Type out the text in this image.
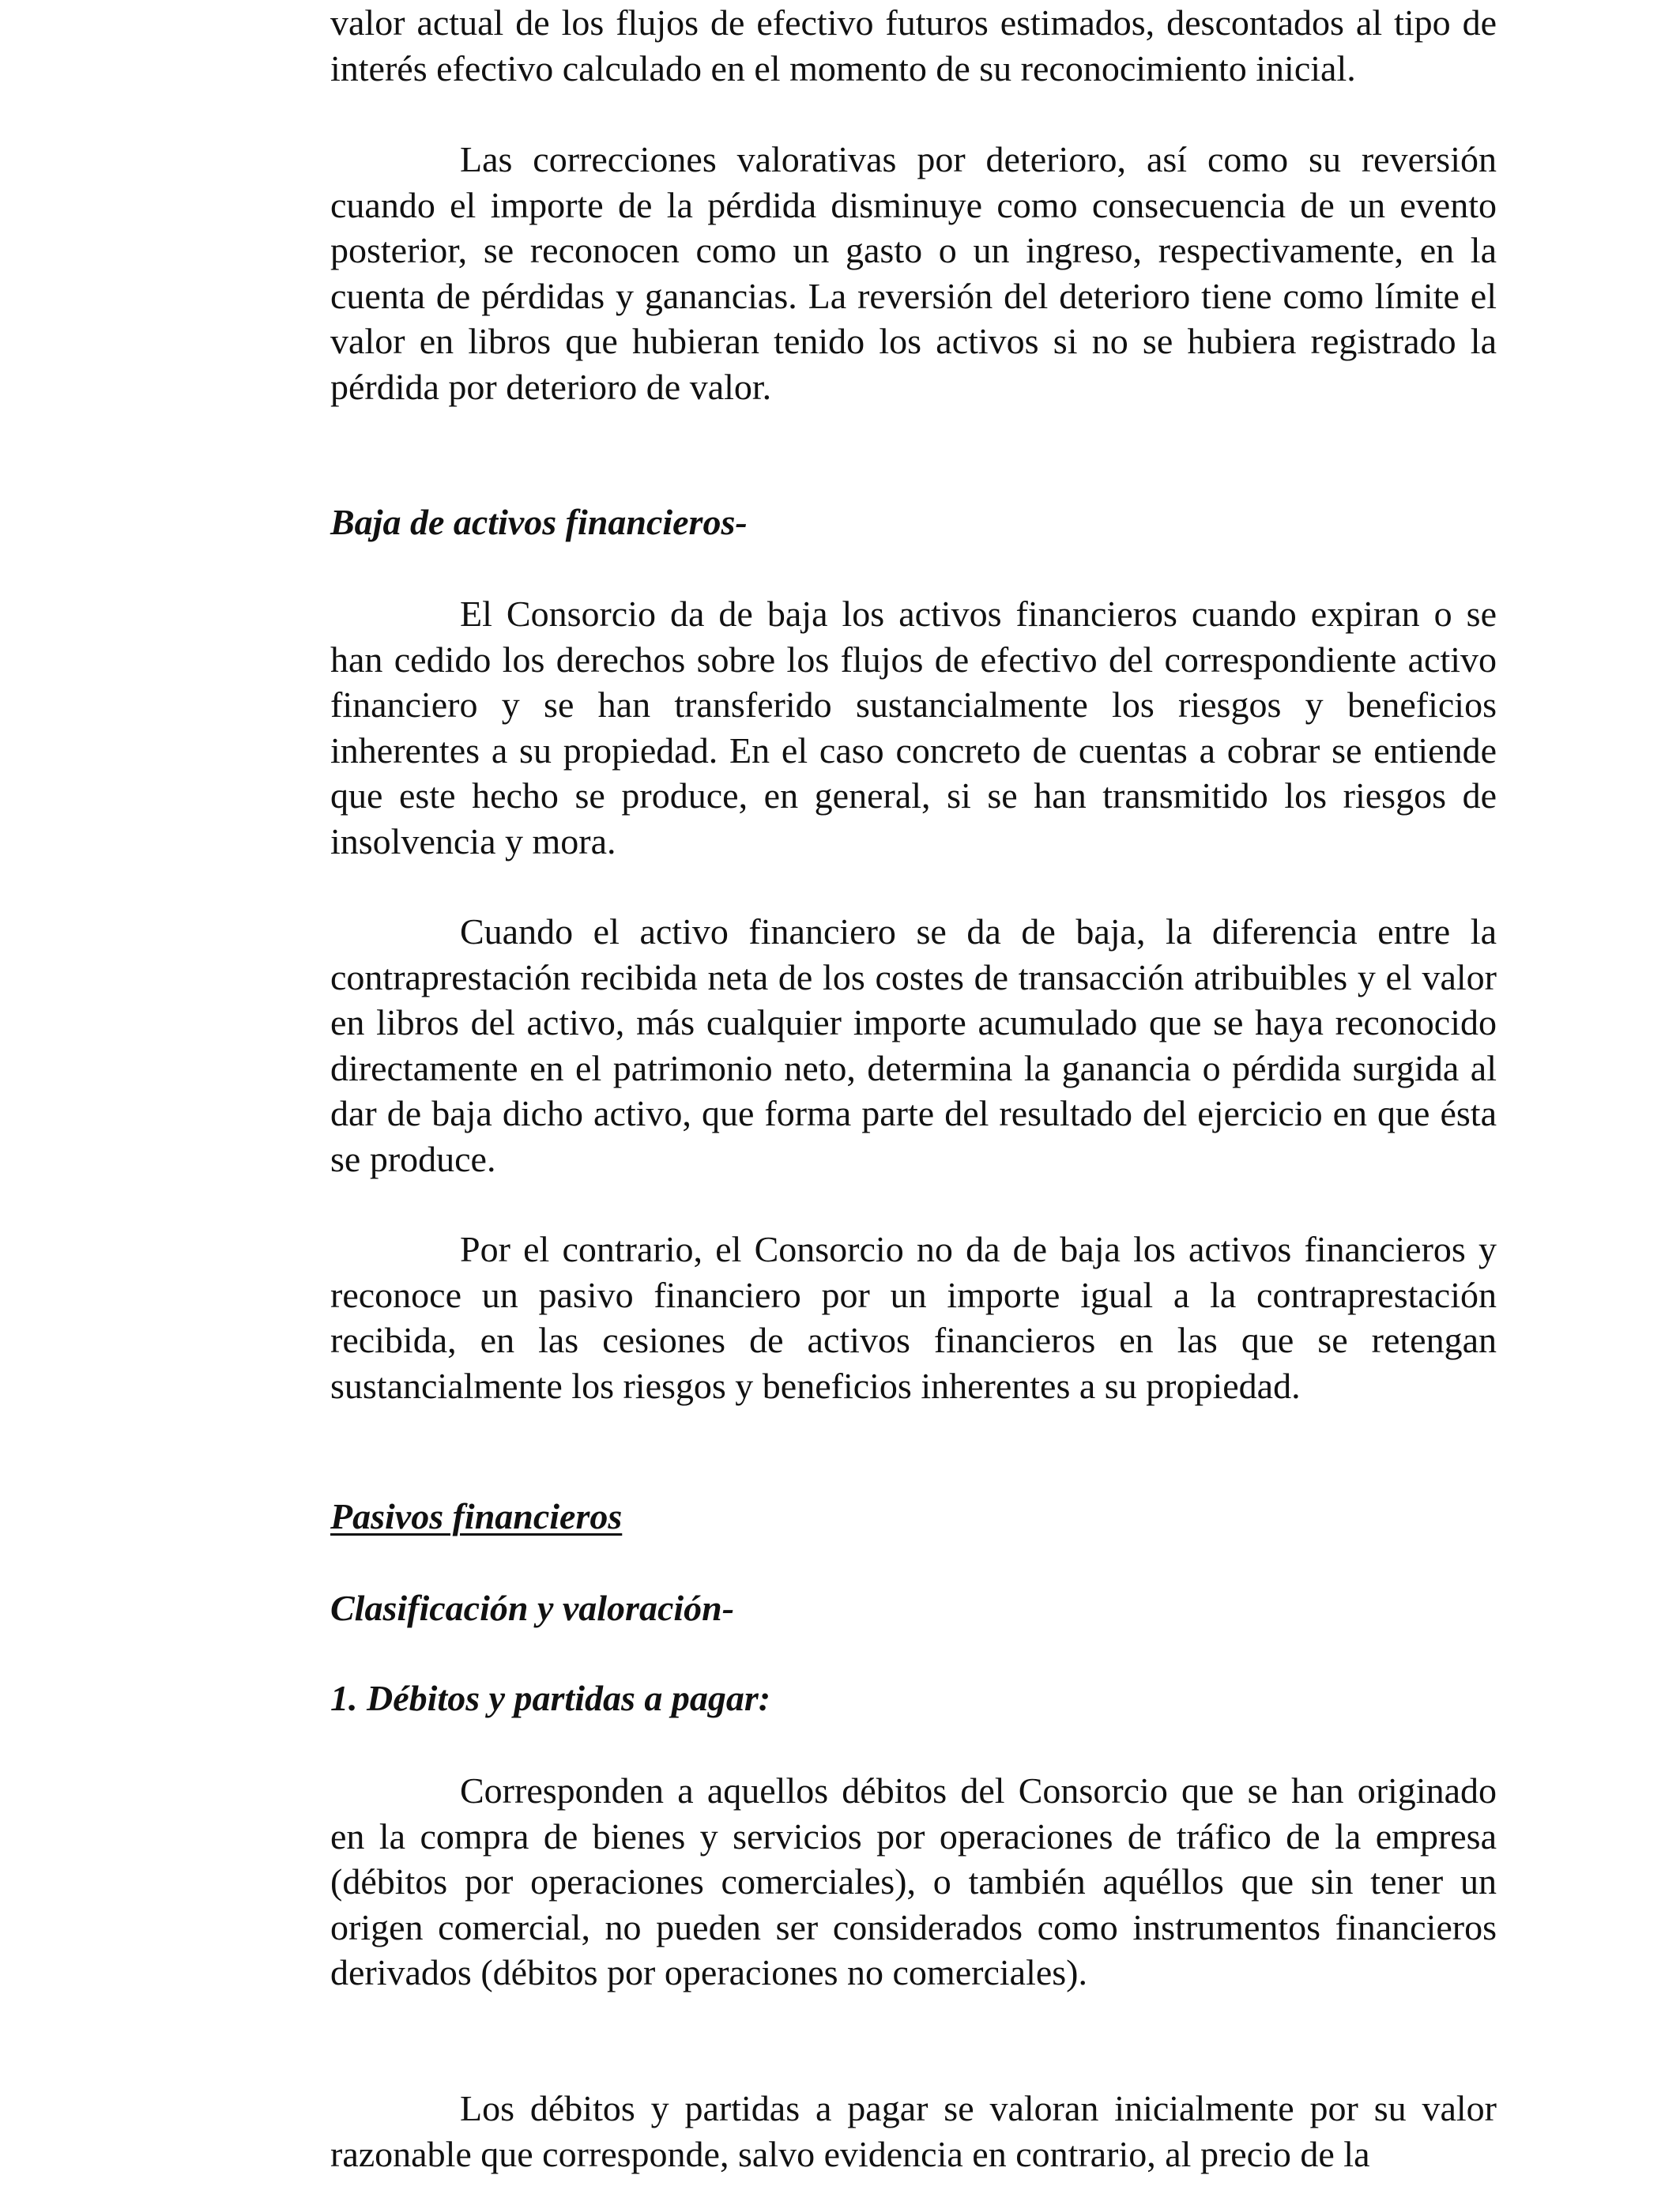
valor actual de los flujos de efectivo futuros estimados, descontados al tipo de interés efectivo calculado en el momento de su reconocimiento inicial.

Las correcciones valorativas por deterioro, así como su reversión cuando el importe de la pérdida disminuye como consecuencia de un evento posterior, se reconocen como un gasto o un ingreso, respectivamente, en la cuenta de pérdidas y ganancias. La reversión del deterioro tiene como límite el valor en libros que hubieran tenido los activos si no se hubiera registrado la pérdida por deterioro de valor.

Baja de activos financieros-

El Consorcio da de baja los activos financieros cuando expiran o se han cedido los derechos sobre los flujos de efectivo del correspondiente activo financiero y se han transferido sustancialmente los riesgos y beneficios inherentes a su propiedad. En el caso concreto de cuentas a cobrar se entiende que este hecho se produce, en general, si se han transmitido los riesgos de insolvencia y mora.

Cuando el activo financiero se da de baja, la diferencia entre la contraprestación recibida neta de los costes de transacción atribuibles y el valor en libros del activo, más cualquier importe acumulado que se haya reconocido directamente en el patrimonio neto, determina la ganancia o pérdida surgida al dar de baja dicho activo, que forma parte del resultado del ejercicio en que ésta se produce.

Por el contrario, el Consorcio no da de baja los activos financieros y reconoce un pasivo financiero por un importe igual a la contraprestación recibida, en las cesiones de activos financieros en las que se retengan sustancialmente los riesgos y beneficios inherentes a su propiedad.

Pasivos financieros
Clasificación y valoración-
1. Débitos y partidas a pagar:

Corresponden a aquellos débitos del Consorcio que se han originado en la compra de bienes y servicios por operaciones de tráfico de la empresa (débitos por operaciones comerciales), o también aquéllos que sin tener un origen comercial, no pueden ser considerados como instrumentos financieros derivados (débitos por operaciones no comerciales).

Los débitos y partidas a pagar se valoran inicialmente por su valor razonable que corresponde, salvo evidencia en contrario, al precio de la
